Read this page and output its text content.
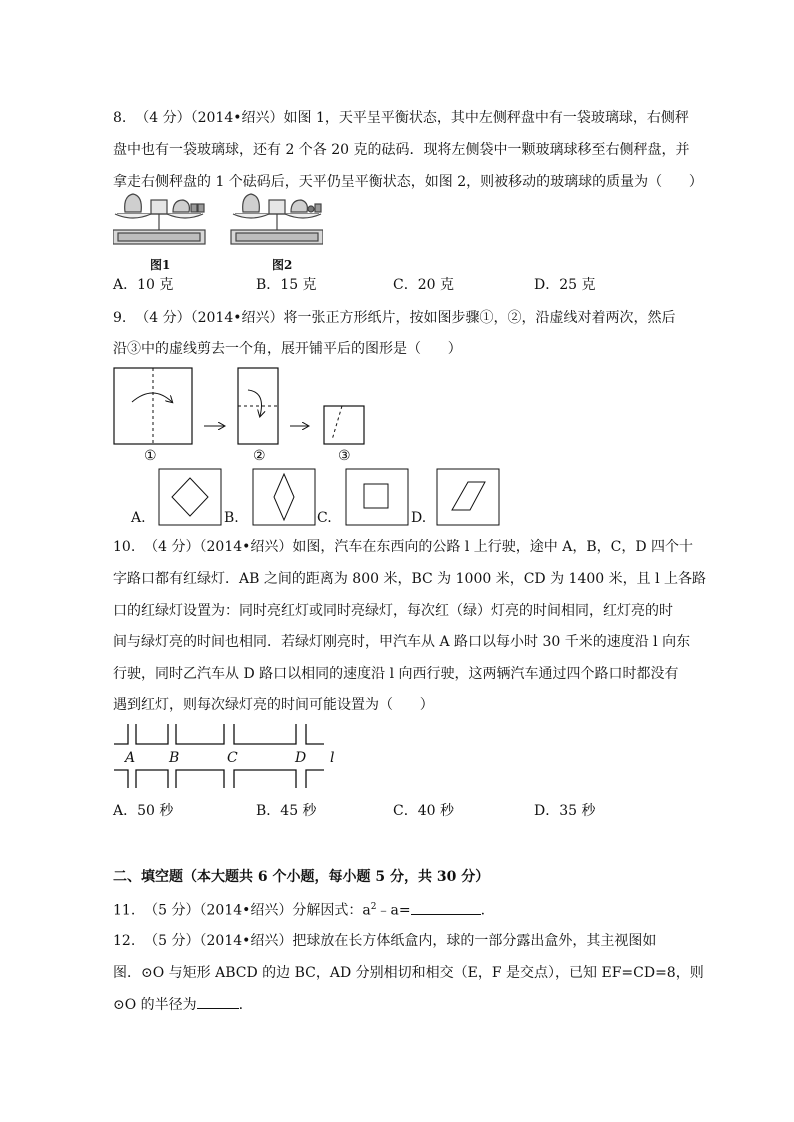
8.  （4 分）（2014•绍兴）如图 1，天平呈平衡状态，其中左侧秤盘中有一袋玻璃球，右侧秤
盘中也有一袋玻璃球，还有 2 个各 20 克的砝码．现将左侧袋中一颗玻璃球移至右侧秤盘，并
拿走右侧秤盘的 1 个砝码后，天平仍呈平衡状态，如图 2，则被移动的玻璃球的质量为（      ）
图1	图2
A．10 克	B．15 克	C．20 克	D．25 克
9.  （4 分）（2014•绍兴）将一张正方形纸片，按如图步骤①，②，沿虚线对着两次，然后
沿③中的虚线剪去一个角，展开铺平后的图形是（      ）
①	②	③
A.	B.	C.	D.
10.  （4 分）（2014•绍兴）如图，汽车在东西向的公路 l 上行驶，途中 A，B，C，D 四个十
字路口都有红绿灯．AB 之间的距离为 800 米，BC 为 1000 米，CD 为 1400 米，且 l 上各路
口的红绿灯设置为：同时亮红灯或同时亮绿灯，每次红（绿）灯亮的时间相同，红灯亮的时
间与绿灯亮的时间也相同．若绿灯刚亮时，甲汽车从 A 路口以每小时 30 千米的速度沿 l 向东
行驶，同时乙汽车从 D 路口以相同的速度沿 l 向西行驶，这两辆汽车通过四个路口时都没有
遇到红灯，则每次绿灯亮的时间可能设置为（      ）
A B	C	D l
A．50 秒	B．45 秒	C．40 秒	D．35 秒
二、填空题（本大题共 6 个小题，每小题 5 分，共 30 分）
11.  （5 分）（2014•绍兴）分解因式：$a^2﹣a=$	.
12.  （5 分）（2014•绍兴）把球放在长方体纸盒内，球的一部分露出盒外，其主视图如
图．⊙O 与矩形 ABCD 的边 BC，AD 分别相切和相交（E，F 是交点），已知 EF=CD=8，则
⊙O 的半径为	.
